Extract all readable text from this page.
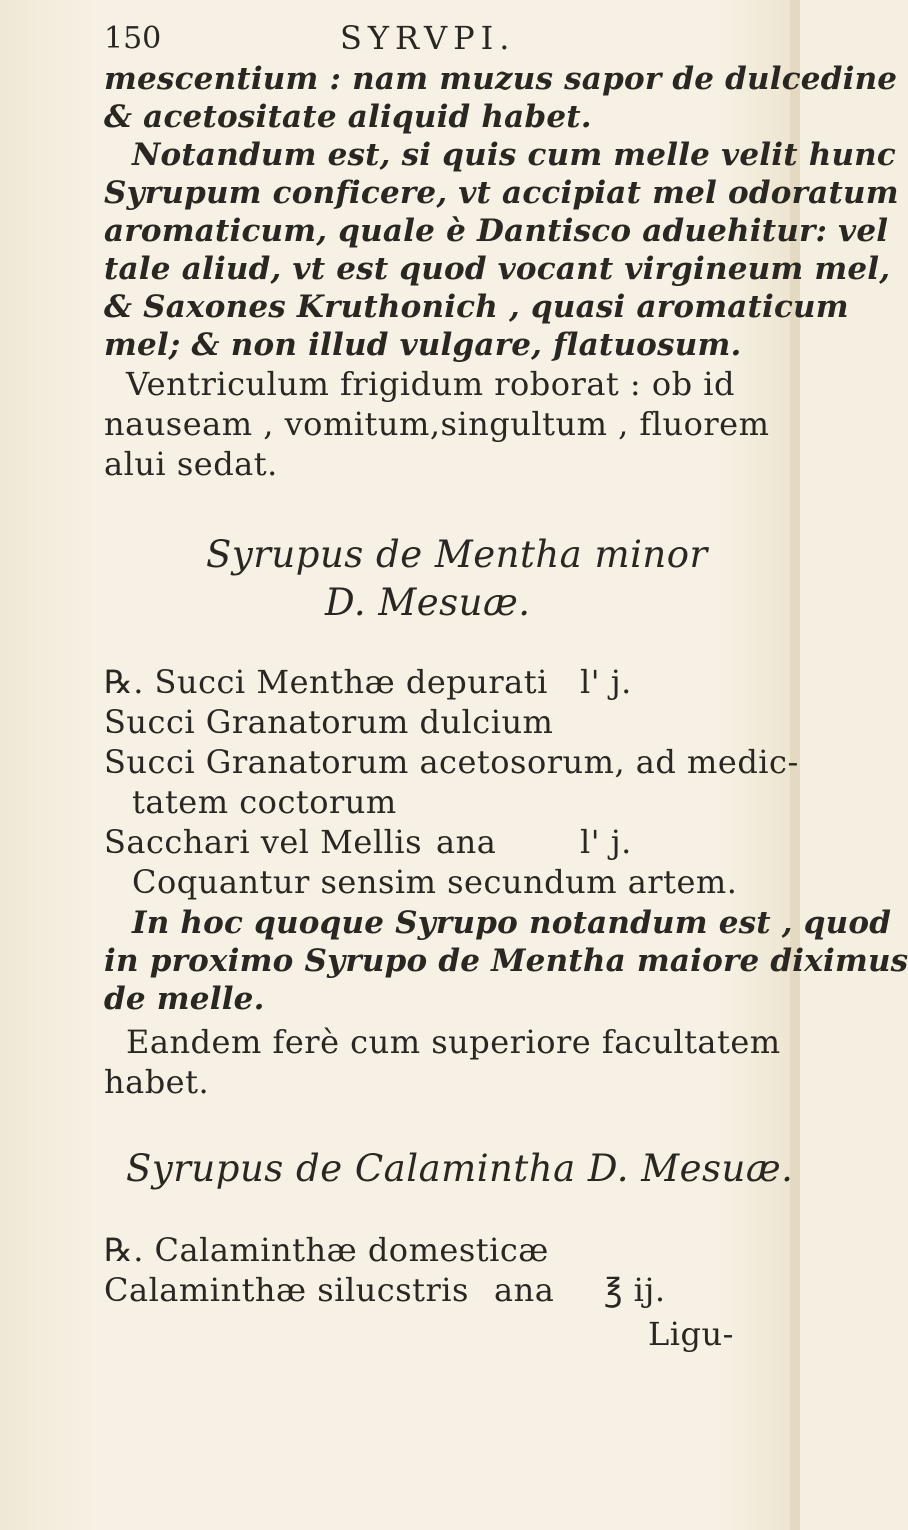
150	SYRVPI.
mescentium : nam muzus sapor de dulcedine
& acetositate aliquid habet.
Notandum est, si quis cum melle velit hunc
Syrupum conficere, vt accipiat mel odoratum
aromaticum, quale è Dantisco aduehitur: vel
tale aliud, vt est quod vocant virgineum mel,
& Saxones Kruthonich , quasi aromaticum
mel; & non illud vulgare, flatuosum.
Ventriculum frigidum roborat : ob id
nauseam , vomitum,singultum , fluorem
alui sedat.
Syrupus de Mentha minor
D. Mesuæ.
℞. Succi Menthæ depurati l' j.
Succi Granatorum dulcium
Succi Granatorum acetosorum, ad medic-
tatem coctorum
Sacchari vel Mellis ana	l' j.
Coquantur sensim secundum artem.
In hoc quoque Syrupo notandum est , quod
in proximo Syrupo de Mentha maiore diximus
de melle.
Eandem ferè cum superiore facultatem
habet.
Syrupus de Calamintha D. Mesuæ.
℞. Calaminthæ domesticæ
Calaminthæ silucstris ana ℥ ij.
Ligu-
